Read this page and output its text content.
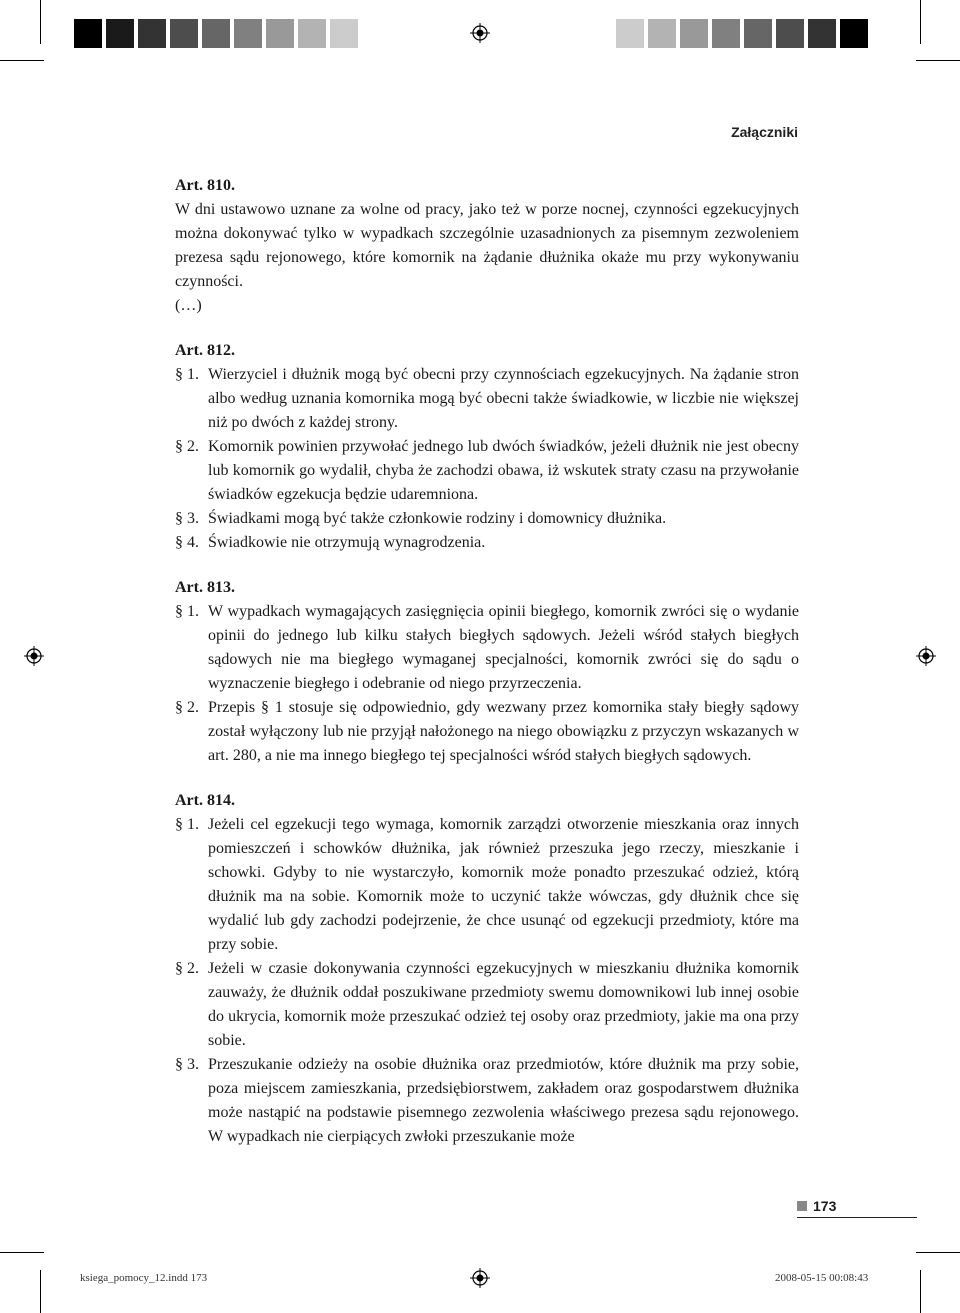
Załączniki

Art. 810.

W dni ustawowo uznane za wolne od pracy, jako też w porze nocnej, czynności egzekucyjnych można dokonywać tylko w wypadkach szczególnie uzasadnionych za pisemnym zezwoleniem prezesa sądu rejonowego, które komornik na żądanie dłużnika okaże mu przy wykonywaniu czynności.

(…)

Art. 812.

§ 1. Wierzyciel i dłużnik mogą być obecni przy czynnościach egzekucyjnych. Na żądanie stron albo według uznania komornika mogą być obecni także świadkowie, w liczbie nie większej niż po dwóch z każdej strony.
§ 2. Komornik powinien przywołać jednego lub dwóch świadków, jeżeli dłużnik nie jest obecny lub komornik go wydalił, chyba że zachodzi obawa, iż wskutek straty czasu na przywołanie świadków egzekucja będzie udaremniona.
§ 3. Świadkami mogą być także członkowie rodziny i domownicy dłużnika.
§ 4. Świadkowie nie otrzymują wynagrodzenia.

Art. 813.

§ 1. W wypadkach wymagających zasięgnięcia opinii biegłego, komornik zwróci się o wydanie opinii do jednego lub kilku stałych biegłych sądowych. Jeżeli wśród stałych biegłych sądowych nie ma biegłego wymaganej specjalności, komornik zwróci się do sądu o wyznaczenie biegłego i odebranie od niego przyrzeczenia.
§ 2. Przepis § 1 stosuje się odpowiednio, gdy wezwany przez komornika stały biegły sądowy został wyłączony lub nie przyjął nałożonego na niego obowiązku z przyczyn wskazanych w art. 280, a nie ma innego biegłego tej specjalności wśród stałych biegłych sądowych.

Art. 814.

§ 1. Jeżeli cel egzekucji tego wymaga, komornik zarządzi otworzenie mieszkania oraz innych pomieszczeń i schowków dłużnika, jak również przeszuka jego rzeczy, mieszkanie i schowki. Gdyby to nie wystarczyło, komornik może ponadto przeszukać odzież, którą dłużnik ma na sobie. Komornik może to uczynić także wówczas, gdy dłużnik chce się wydalić lub gdy zachodzi podejrzenie, że chce usunąć od egzekucji przedmioty, które ma przy sobie.
§ 2. Jeżeli w czasie dokonywania czynności egzekucyjnych w mieszkaniu dłużnika komornik zauważy, że dłużnik oddał poszukiwane przedmioty swemu domownikowi lub innej osobie do ukrycia, komornik może przeszukać odzież tej osoby oraz przedmioty, jakie ma ona przy sobie.
§ 3. Przeszukanie odzieży na osobie dłużnika oraz przedmiotów, które dłużnik ma przy sobie, poza miejscem zamieszkania, przedsiębiorstwem, zakładem oraz gospodarstwem dłużnika może nastąpić na podstawie pisemnego zezwolenia właściwego prezesa sądu rejonowego. W wypadkach nie cierpiących zwłoki przeszukanie może
173
ksiega_pomocy_12.indd 173	2008-05-15 00:08:43
